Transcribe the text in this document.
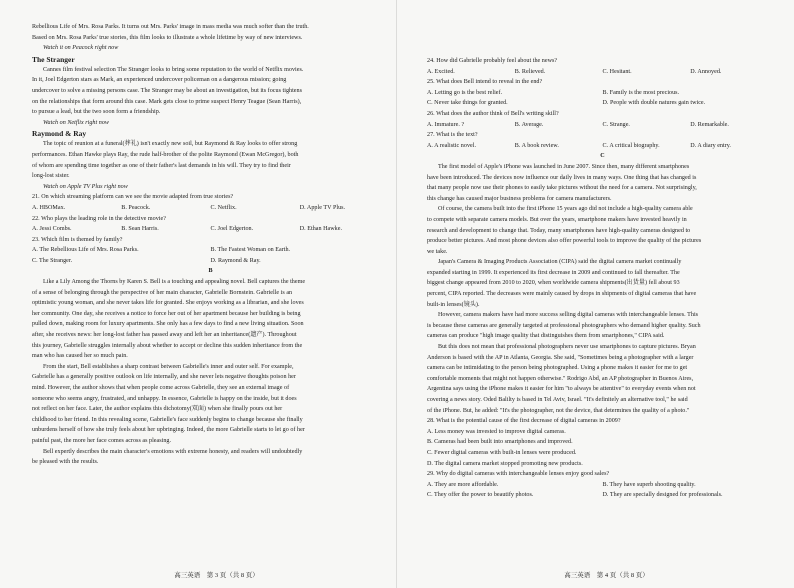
Rebellious Life of Mrs. Rosa Parks. It turns out Mrs. Parks' image in mass media was much softer than the truth.
Based on Mrs. Rosa Parks' true stories, this film looks to illustrate a whole lifetime by way of new interviews.
Watch it on Peacock right now
The Stranger
Cannes film festival selection The Stranger looks to bring some reputation to the world of Netflix movies.
In it, Joel Edgerton stars as Mark, an experienced undercover policeman on a dangerous mission; going
undercover to solve a missing persons case. The Stranger may be about an investigation, but its focus tightens
on the relationships that form around this case. Mark gets close to prime suspect Henry Teague (Sean Harris),
to pursue a lead, but the two soon form a friendship.
Watch on Netflix right now
Raymond & Ray
The topic of reunion at a funeral(葬礼) isn't exactly new soil, but Raymond & Ray looks to offer strong
performances. Ethan Hawke plays Ray, the rude half-brother of the polite Raymond (Ewan McGregor), both
of whom are spending time together as one of their father's last demands in his will. They try to find their
long-lost sister.
Watch on Apple TV Plus right now
21. On which streaming platform can we see the movie adapted from true stories?
A. HBOMax.	B. Peacock.	C. Netflix.	D. Apple TV Plus.
22. Who plays the leading role in the detective movie?
A. Jessi Combs.	B. Sean Harris.	C. Joel Edgerton.	D. Ethan Hawke.
23. Which film is themed by family?
A. The Rebellious Life of Mrs. Rosa Parks.	B. The Fastest Woman on Earth.
C. The Stranger.	D. Raymond & Ray.
B
Like a Lily Among the Thorns by Karen S. Bell is a touching and appealing novel. Bell captures the theme
of a sense of belonging through the perspective of her main character, Gabrielle Bornstein. Gabrielle is an
optimistic young woman, and she never takes life for granted. She enjoys working as a librarian, and she loves
her community. One day, she receives a notice to force her out of her apartment because her building is being
pulled down, making room for luxury apartments. She only has a few days to find a new living situation. Soon
after, she receives news: her long-lost father has passed away and left her an inheritance(遗产). Throughout
this journey, Gabrielle struggles internally about whether to accept or decline this sudden inheritance from the
man who has caused her so much pain.
From the start, Bell establishes a sharp contrast between Gabrielle's inner and outer self. For example,
Gabrielle has a generally positive outlook on life internally, and she never lets negative thoughts poison her
mind. However, the author shows that when people come across Gabrielle, they see an external image of
someone who seems angry, frustrated, and unhappy. In essence, Gabrielle is happy on the inside, but it does
not reflect on her face. Later, the author explains this dichotomy(双面) when she finally pours out her
childhood to her friend. In this revealing scene, Gabrielle's face suddenly begins to change because she finally
unburdens herself of how she truly feels about her upbringing. Indeed, the more Gabrielle starts to let go of her
painful past, the more her face comes across as pleasing.
Bell expertly describes the main character's emotions with extreme honesty, and readers will undoubtedly
be pleased with the results.
高三英语　第 3 页（共 8 页）
24. How did Gabrielle probably feel about the news?
A. Excited.	B. Relieved.	C. Hesitant.	D. Annoyed.
25. What does Bell intend to reveal in the end?
A. Letting go is the best relief.	B. Family is the most precious.
C. Never take things for granted.	D. People with double natures gain twice.
26. What does the author think of Bell's writing skill?
A. Immature. ?	B. Average.	C. Strange.	D. Remarkable.
27. What is the text?
A. A realistic novel.	B. A book review.	C. A critical biography.	D. A diary entry.
C
The first model of Apple's iPhone was launched in June 2007. Since then, many different smartphones
have been introduced. The devices now influence our daily lives in many ways. One thing that has changed is
that many people now use their phones to easily take pictures without the need for a camera. Not surprisingly,
this change has caused major business problems for camera manufacturers.
Of course, the camera built into the first iPhone 15 years ago did not include a high-quality camera able
to compete with separate camera models. But over the years, smartphone makers have invested heavily in
research and development to change that. Today, many smartphones have high-quality cameras designed to
produce better pictures. And most phone devices also offer powerful tools to improve the quality of the pictures
we take.
Japan's Camera & Imaging Products Association (CIPA) said the digital camera market continually
expanded starting in 1999. It experienced its first decrease in 2009 and continued to fall thereafter. The
biggest change appeared from 2010 to 2020, when worldwide camera shipments(出货量) fell about 93
percent, CIPA reported. The decreases were mainly caused by drops in shipments of digital cameras that have
built-in lenses(镜头).
However, camera makers have had more success selling digital cameras with interchangeable lenses. This
is because these cameras are generally targeted at professional photographers who demand higher quality. Such
cameras can produce "high image quality that distinguishes them from smartphones," CIPA said.
But this does not mean that professional photographers never use smartphones to capture pictures. Bryan
Anderson is based with the AP in Atlanta, Georgia. She said, "Sometimes being a photographer with a larger
camera can be intimidating to the person being photographed. Using a phone makes it easier for me to get
comfortable moments that might not happen otherwise." Rodrigo Abd, an AP photographer in Buenos Aires,
Argentina says using the iPhone makes it easier for him "to always be attentive" to everyday events when not
covering a news story. Oded Balilty is based in Tel Aviv, Israel. "It's definitely an alternative tool," he said
of the iPhone. But, he added: "It's the photographer, not the device, that determines the quality of a photo."
28. What is the potential cause of the first decrease of digital cameras in 2009?
A. Less money was invested to improve digital cameras.
B. Cameras had been built into smartphones and improved.
C. Fewer digital cameras with built-in lenses were produced.
D. The digital camera market stopped promoting new products.
29. Why do digital cameras with interchangeable lenses enjoy good sales?
A. They are more affordable.	B. They have superb shooting quality.
C. They offer the power to beautify photos.	D. They are specially designed for professionals.
高三英语　第 4 页（共 8 页）
